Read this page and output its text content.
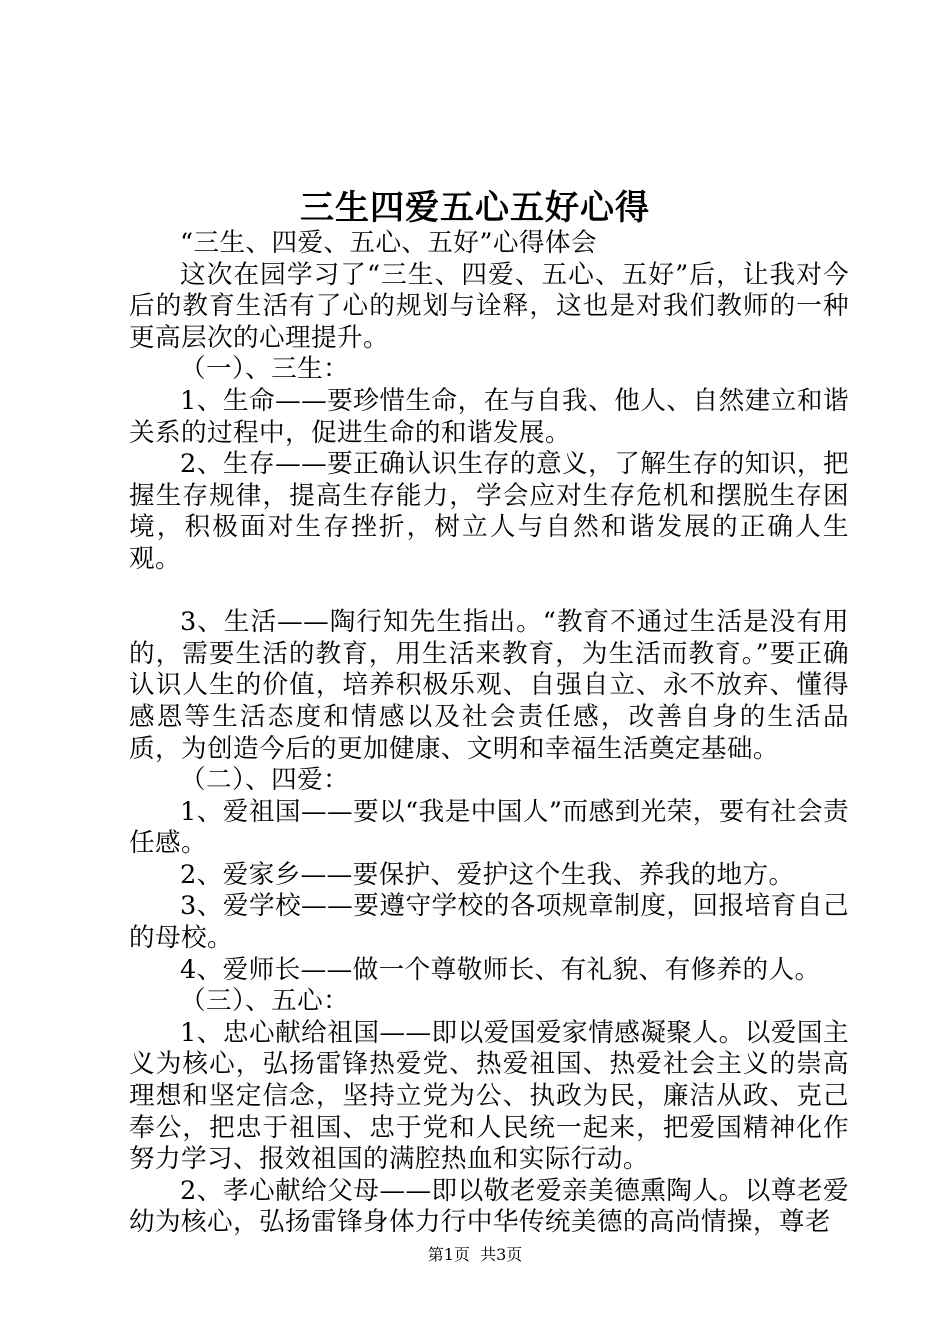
三生四爱五心五好心得

“三生、四爱、五心、五好”心得体会

这次在园学习了“三生、四爱、五心、五好”后，让我对今后的教育生活有了心的规划与诠释，这也是对我们教师的一种更高层次的心理提升。

（一）、三生：

1、生命——要珍惜生命，在与自我、他人、自然建立和谐关系的过程中，促进生命的和谐发展。

2、生存——要正确认识生存的意义，了解生存的知识，把握生存规律，提高生存能力，学会应对生存危机和摆脱生存困境，积极面对生存挫折，树立人与自然和谐发展的正确人生观。

3、生活——陶行知先生指出。“教育不通过生活是没有用的，需要生活的教育，用生活来教育，为生活而教育。”要正确认识人生的价值，培养积极乐观、自强自立、永不放弃、懂得感恩等生活态度和情感以及社会责任感，改善自身的生活品质，为创造今后的更加健康、文明和幸福生活奠定基础。

（二）、四爱：

1、爱祖国——要以“我是中国人”而感到光荣，要有社会责任感。

2、爱家乡——要保护、爱护这个生我、养我的地方。

3、爱学校——要遵守学校的各项规章制度，回报培育自己的母校。

4、爱师长——做一个尊敬师长、有礼貌、有修养的人。

（三）、五心：

1、忠心献给祖国——即以爱国爱家情感凝聚人。以爱国主义为核心，弘扬雷锋热爱党、热爱祖国、热爱社会主义的崇高理想和坚定信念，坚持立党为公、执政为民，廉洁从政、克己奉公，把忠于祖国、忠于党和人民统一起来，把爱国精神化作努力学习、报效祖国的满腔热血和实际行动。

2、孝心献给父母——即以敬老爱亲美德熏陶人。以尊老爱幼为核心，弘扬雷锋身体力行中华传统美德的高尚情操，尊老

第1页  共3页
